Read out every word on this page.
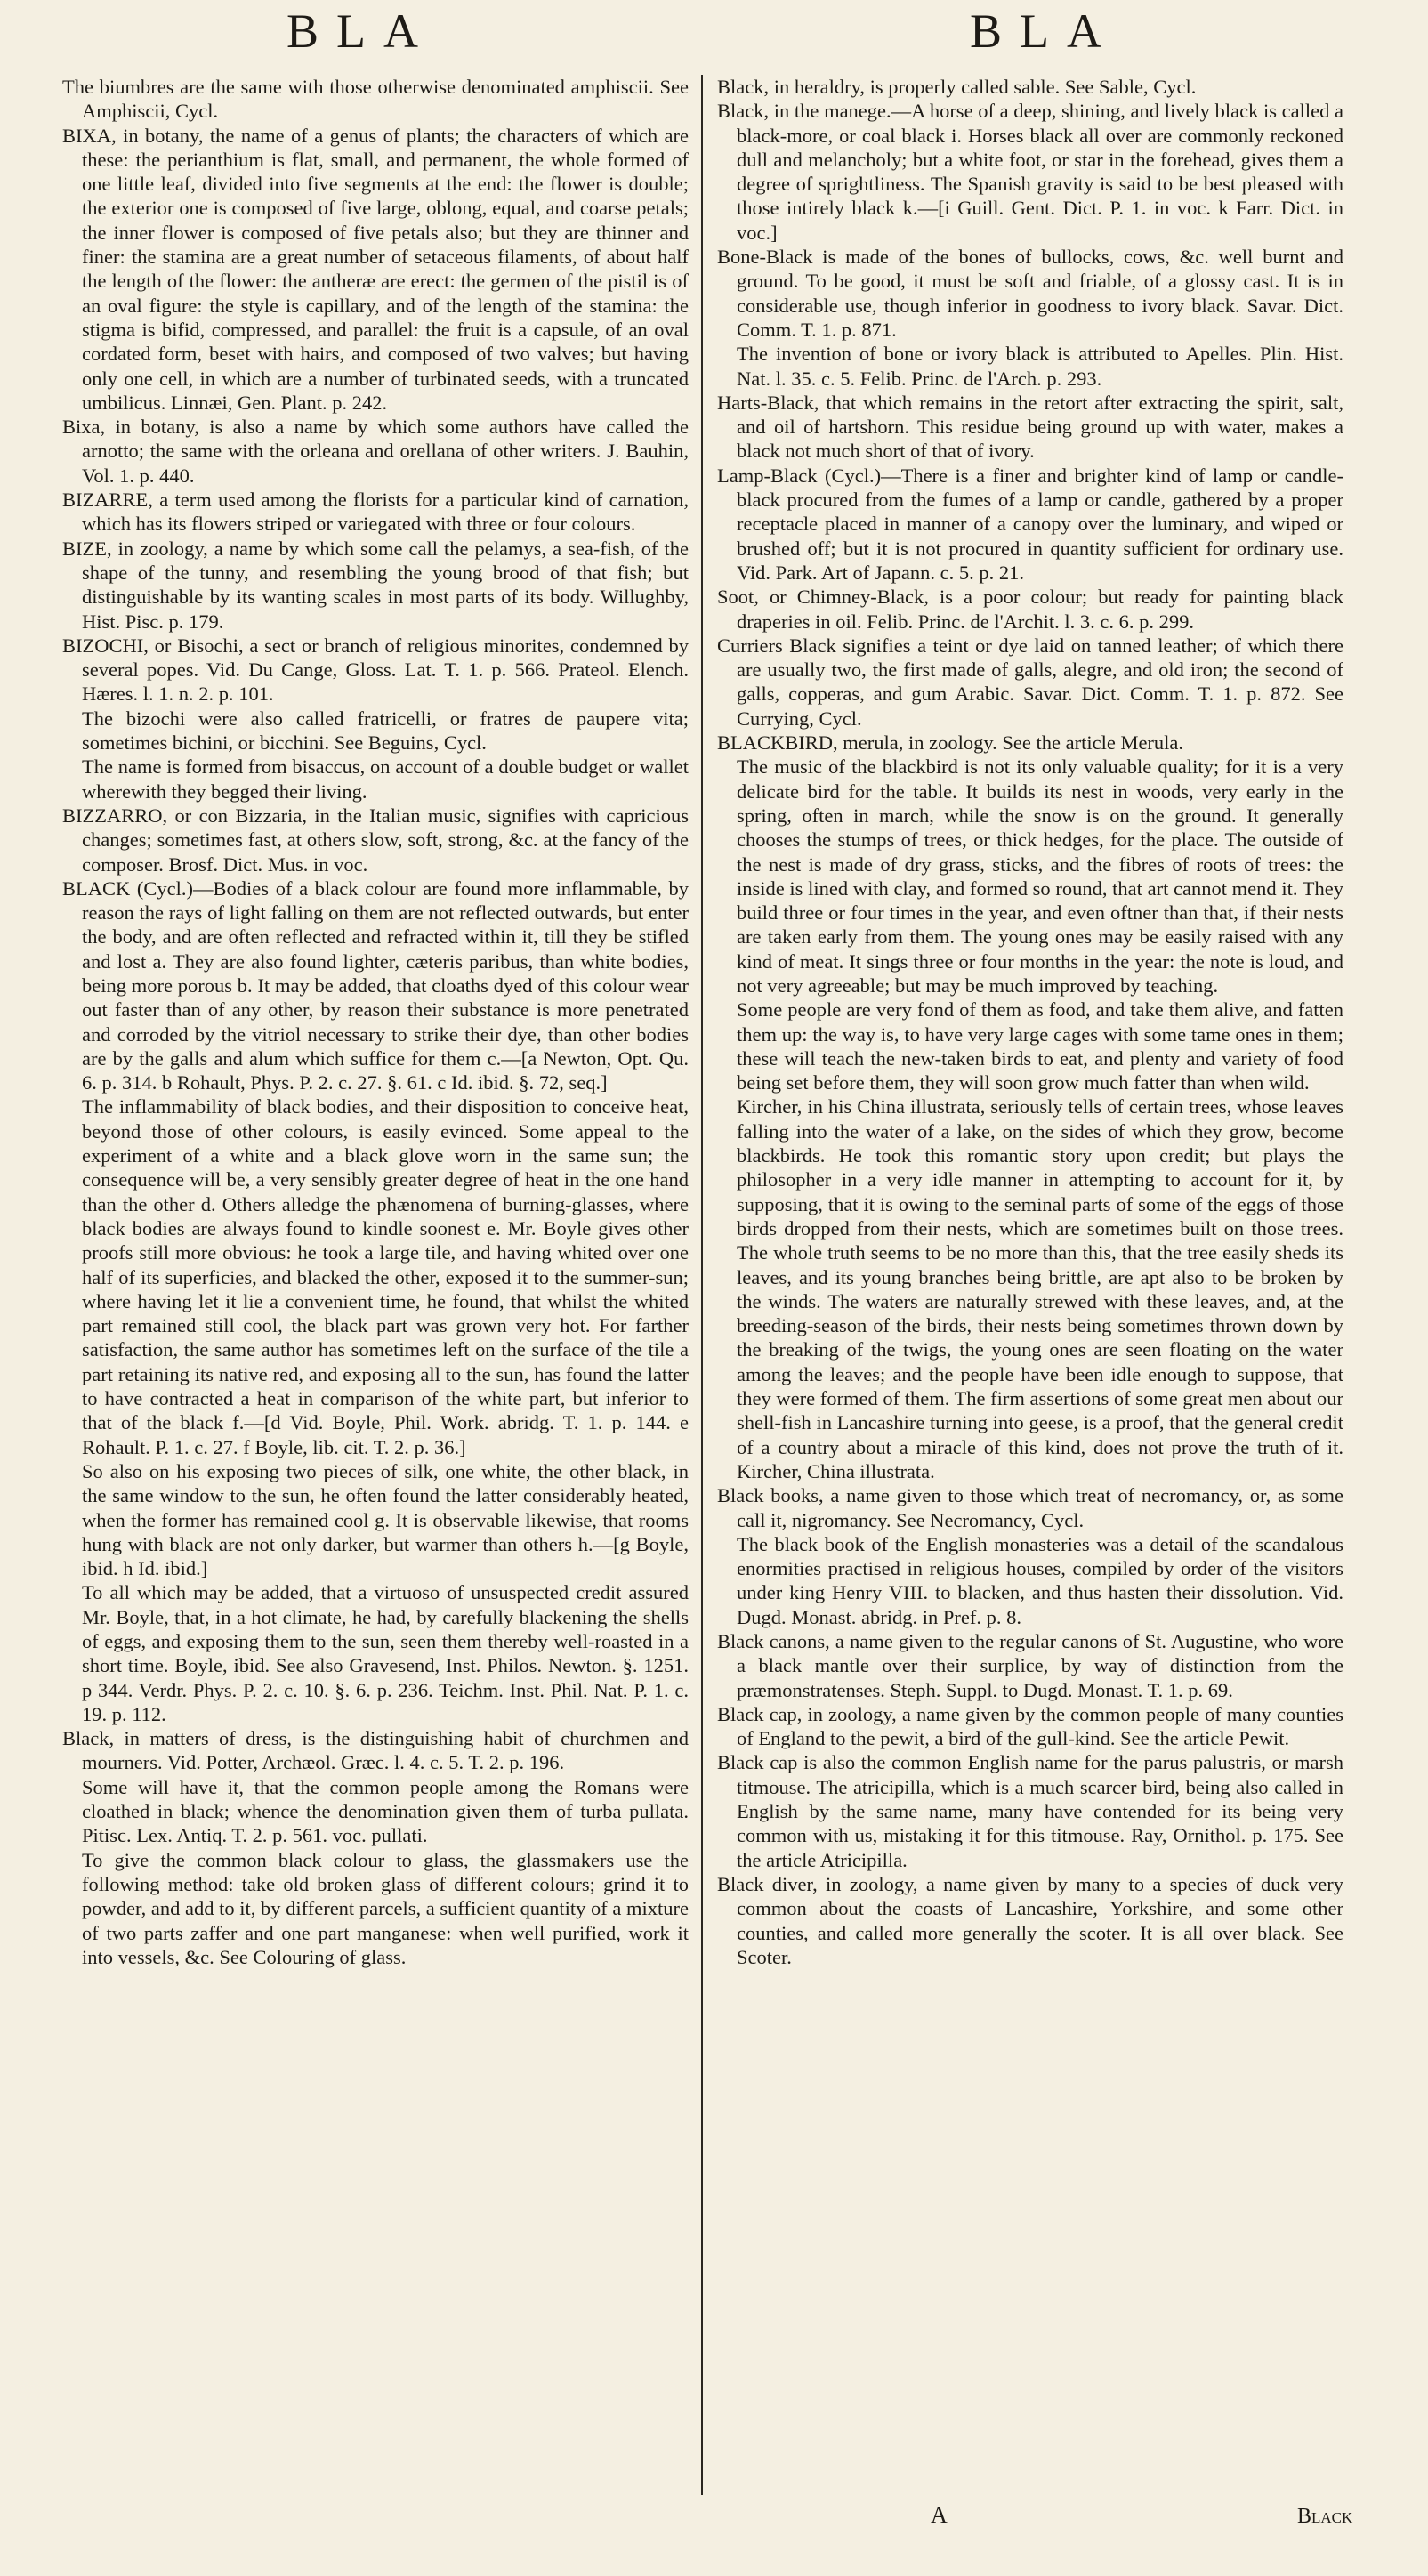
BLA	BLA

The biumbres are the same with those otherwise denominated amphiscii. See Amphiscii, Cycl.

BIXA, in botany, the name of a genus of plants; the characters of which are these: the perianthium is flat, small, and permanent, the whole formed of one little leaf, divided into five segments at the end: the flower is double; the exterior one is composed of five large, oblong, equal, and coarse petals; the inner flower is composed of five petals also; but they are thinner and finer: the stamina are a great number of setaceous filaments, of about half the length of the flower: the antheræ are erect: the germen of the pistil is of an oval figure: the style is capillary, and of the length of the stamina: the stigma is bifid, compressed, and parallel: the fruit is a capsule, of an oval cordated form, beset with hairs, and composed of two valves; but having only one cell, in which are a number of turbinated seeds, with a truncated umbilicus. Linnæi, Gen. Plant. p. 242.

Bixa, in botany, is also a name by which some authors have called the arnotto; the same with the orleana and orellana of other writers. J. Bauhin, Vol. 1. p. 440.

BIZARRE, a term used among the florists for a particular kind of carnation, which has its flowers striped or variegated with three or four colours.

BIZE, in zoology, a name by which some call the pelamys, a sea-fish, of the shape of the tunny, and resembling the young brood of that fish; but distinguishable by its wanting scales in most parts of its body. Willughby, Hist. Pisc. p. 179.

BIZOCHI, or Bisochi, a sect or branch of religious minorites, condemned by several popes. Vid. Du Cange, Gloss. Lat. T. 1. p. 566. Prateol. Elench. Hæres. l. 1. n. 2. p. 101.

The bizochi were also called fratricelli, or fratres de paupere vita; sometimes bichini, or bicchini. See Beguins, Cycl.

The name is formed from bisaccus, on account of a double budget or wallet wherewith they begged their living.

BIZZARRO, or con Bizzaria, in the Italian music, signifies with capricious changes; sometimes fast, at others slow, soft, strong, &c. at the fancy of the composer. Brosf. Dict. Mus. in voc.

BLACK (Cycl.)—Bodies of a black colour are found more inflammable, by reason the rays of light falling on them are not reflected outwards, but enter the body, and are often reflected and refracted within it, till they be stifled and lost a. They are also found lighter, cæteris paribus, than white bodies, being more porous b. It may be added, that cloaths dyed of this colour wear out faster than of any other, by reason their substance is more penetrated and corroded by the vitriol necessary to strike their dye, than other bodies are by the galls and alum which suffice for them c.—[a Newton, Opt. Qu. 6. p. 314. b Rohault, Phys. P. 2. c. 27. §. 61. c Id. ibid. §. 72, seq.]

The inflammability of black bodies, and their disposition to conceive heat, beyond those of other colours, is easily evinced. Some appeal to the experiment of a white and a black glove worn in the same sun; the consequence will be, a very sensibly greater degree of heat in the one hand than the other d. Others alledge the phænomena of burning-glasses, where black bodies are always found to kindle soonest e. Mr. Boyle gives other proofs still more obvious: he took a large tile, and having whited over one half of its superficies, and blacked the other, exposed it to the summer-sun; where having let it lie a convenient time, he found, that whilst the whited part remained still cool, the black part was grown very hot. For farther satisfaction, the same author has sometimes left on the surface of the tile a part retaining its native red, and exposing all to the sun, has found the latter to have contracted a heat in comparison of the white part, but inferior to that of the black f.—[d Vid. Boyle, Phil. Work. abridg. T. 1. p. 144. e Rohault. P. 1. c. 27. f Boyle, lib. cit. T. 2. p. 36.]

So also on his exposing two pieces of silk, one white, the other black, in the same window to the sun, he often found the latter considerably heated, when the former has remained cool g. It is observable likewise, that rooms hung with black are not only darker, but warmer than others h.—[g Boyle, ibid. h Id. ibid.]

To all which may be added, that a virtuoso of unsuspected credit assured Mr. Boyle, that, in a hot climate, he had, by carefully blackening the shells of eggs, and exposing them to the sun, seen them thereby well-roasted in a short time. Boyle, ibid. See also Gravesend, Inst. Philos. Newton. §. 1251. p 344. Verdr. Phys. P. 2. c. 10. §. 6. p. 236. Teichm. Inst. Phil. Nat. P. 1. c. 19. p. 112.

Black, in matters of dress, is the distinguishing habit of churchmen and mourners. Vid. Potter, Archæol. Græc. l. 4. c. 5. T. 2. p. 196.

Some will have it, that the common people among the Romans were cloathed in black; whence the denomination given them of turba pullata. Pitisc. Lex. Antiq. T. 2. p. 561. voc. pullati.

To give the common black colour to glass, the glassmakers use the following method: take old broken glass of different colours; grind it to powder, and add to it, by different parcels, a sufficient quantity of a mixture of two parts zaffer and one part manganese: when well purified, work it into vessels, &c. See Colouring of glass.

Black, in heraldry, is properly called sable. See Sable, Cycl.

Black, in the manege.—A horse of a deep, shining, and lively black is called a black-more, or coal black i. Horses black all over are commonly reckoned dull and melancholy; but a white foot, or star in the forehead, gives them a degree of sprightliness. The Spanish gravity is said to be best pleased with those intirely black k.—[i Guill. Gent. Dict. P. 1. in voc. k Farr. Dict. in voc.]

Bone-Black is made of the bones of bullocks, cows, &c. well burnt and ground. To be good, it must be soft and friable, of a glossy cast. It is in considerable use, though inferior in goodness to ivory black. Savar. Dict. Comm. T. 1. p. 871.

The invention of bone or ivory black is attributed to Apelles. Plin. Hist. Nat. l. 35. c. 5. Felib. Princ. de l'Arch. p. 293.

Harts-Black, that which remains in the retort after extracting the spirit, salt, and oil of hartshorn. This residue being ground up with water, makes a black not much short of that of ivory.

Lamp-Black (Cycl.)—There is a finer and brighter kind of lamp or candle-black procured from the fumes of a lamp or candle, gathered by a proper receptacle placed in manner of a canopy over the luminary, and wiped or brushed off; but it is not procured in quantity sufficient for ordinary use. Vid. Park. Art of Japann. c. 5. p. 21.

Soot, or Chimney-Black, is a poor colour; but ready for painting black draperies in oil. Felib. Princ. de l'Archit. l. 3. c. 6. p. 299.

Curriers Black signifies a teint or dye laid on tanned leather; of which there are usually two, the first made of galls, alegre, and old iron; the second of galls, copperas, and gum Arabic. Savar. Dict. Comm. T. 1. p. 872. See Currying, Cycl.

BLACKBIRD, merula, in zoology. See the article Merula.

The music of the blackbird is not its only valuable quality; for it is a very delicate bird for the table. It builds its nest in woods, very early in the spring, often in march, while the snow is on the ground. It generally chooses the stumps of trees, or thick hedges, for the place. The outside of the nest is made of dry grass, sticks, and the fibres of roots of trees: the inside is lined with clay, and formed so round, that art cannot mend it. They build three or four times in the year, and even oftner than that, if their nests are taken early from them. The young ones may be easily raised with any kind of meat. It sings three or four months in the year: the note is loud, and not very agreeable; but may be much improved by teaching.

Some people are very fond of them as food, and take them alive, and fatten them up: the way is, to have very large cages with some tame ones in them; these will teach the new-taken birds to eat, and plenty and variety of food being set before them, they will soon grow much fatter than when wild.

Kircher, in his China illustrata, seriously tells of certain trees, whose leaves falling into the water of a lake, on the sides of which they grow, become blackbirds. He took this romantic story upon credit; but plays the philosopher in a very idle manner in attempting to account for it, by supposing, that it is owing to the seminal parts of some of the eggs of those birds dropped from their nests, which are sometimes built on those trees. The whole truth seems to be no more than this, that the tree easily sheds its leaves, and its young branches being brittle, are apt also to be broken by the winds. The waters are naturally strewed with these leaves, and, at the breeding-season of the birds, their nests being sometimes thrown down by the breaking of the twigs, the young ones are seen floating on the water among the leaves; and the people have been idle enough to suppose, that they were formed of them. The firm assertions of some great men about our shell-fish in Lancashire turning into geese, is a proof, that the general credit of a country about a miracle of this kind, does not prove the truth of it. Kircher, China illustrata.

Black books, a name given to those which treat of necromancy, or, as some call it, nigromancy. See Necromancy, Cycl.

The black book of the English monasteries was a detail of the scandalous enormities practised in religious houses, compiled by order of the visitors under king Henry VIII. to blacken, and thus hasten their dissolution. Vid. Dugd. Monast. abridg. in Pref. p. 8.

Black canons, a name given to the regular canons of St. Augustine, who wore a black mantle over their surplice, by way of distinction from the præmonstratenses. Steph. Suppl. to Dugd. Monast. T. 1. p. 69.

Black cap, in zoology, a name given by the common people of many counties of England to the pewit, a bird of the gull-kind. See the article Pewit.

Black cap is also the common English name for the parus palustris, or marsh titmouse. The atricipilla, which is a much scarcer bird, being also called in English by the same name, many have contended for its being very common with us, mistaking it for this titmouse. Ray, Ornithol. p. 175. See the article Atricipilla.

Black diver, in zoology, a name given by many to a species of duck very common about the coasts of Lancashire, Yorkshire, and some other counties, and called more generally the scoter. It is all over black. See Scoter.

A	Black
